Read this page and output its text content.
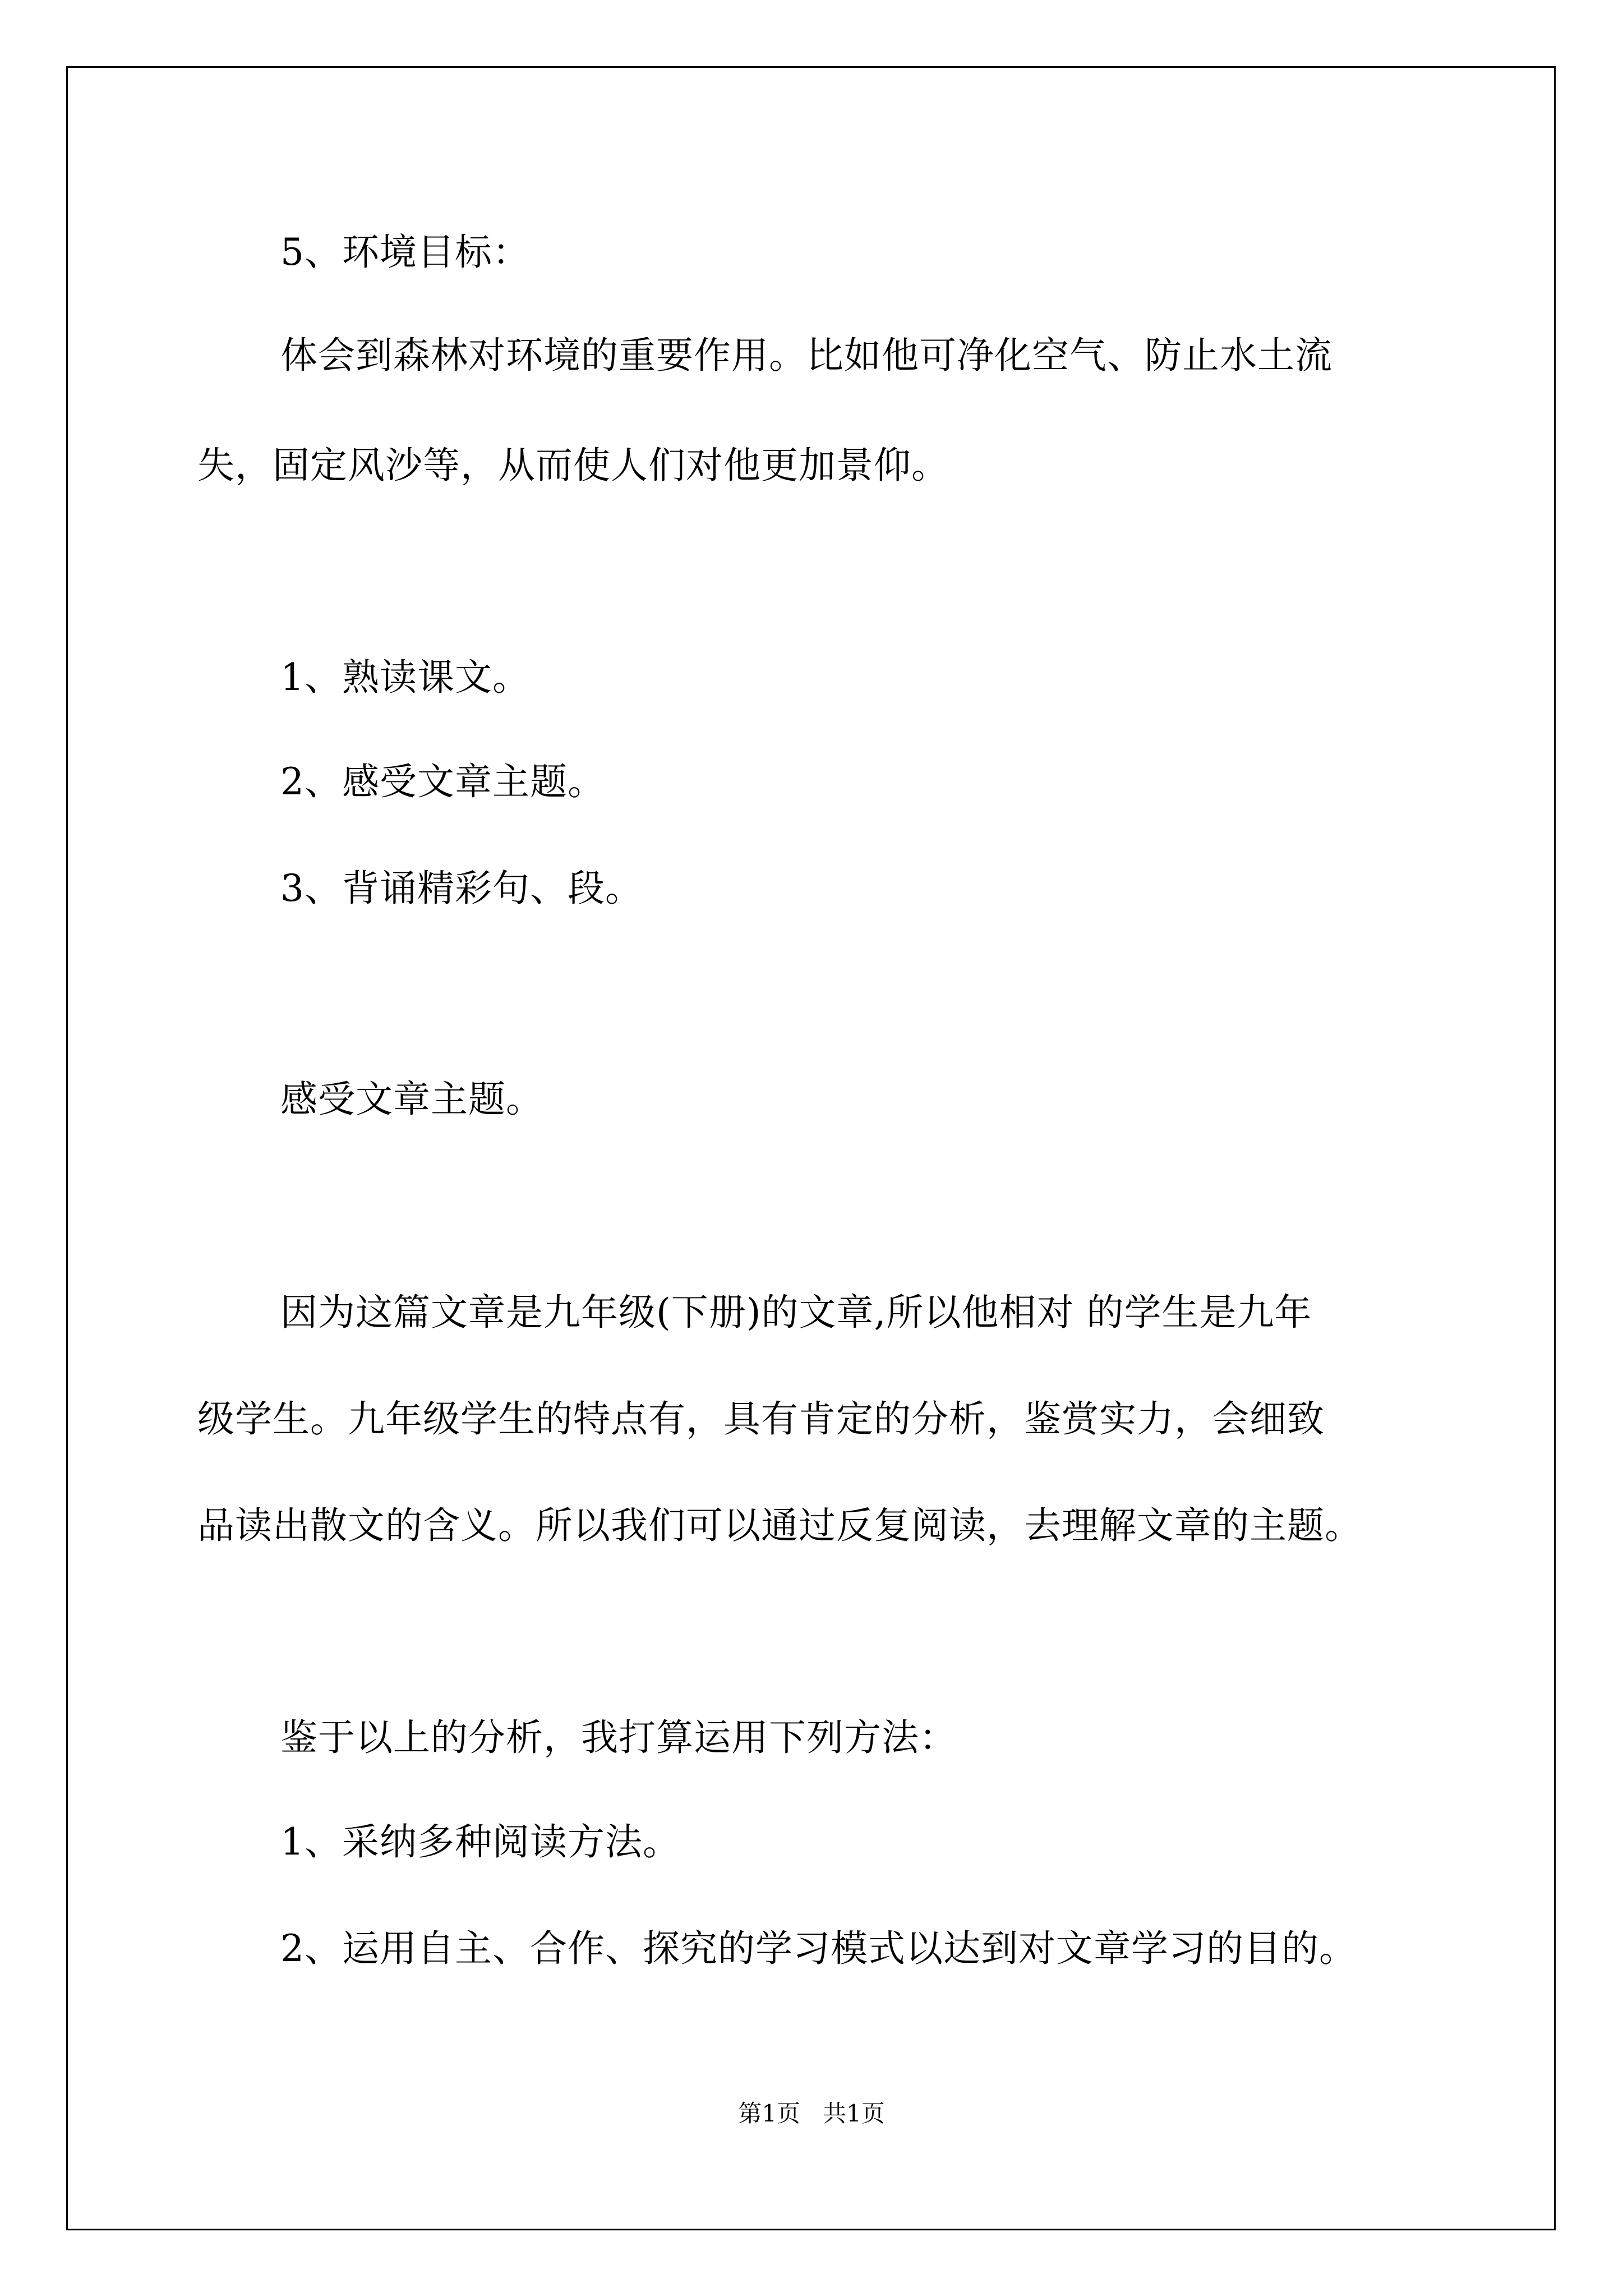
5、环境目标：
体会到森林对环境的重要作用。比如他可净化空气、防止水土流
失，固定风沙等，从而使人们对他更加景仰。
1、熟读课文。
2、感受文章主题。
3、背诵精彩句、段。
感受文章主题。
因为这篇文章是九年级(下册)的文章,所以他相对 的学生是九年
级学生。九年级学生的特点有，具有肯定的分析，鉴赏实力，会细致
品读出散文的含义。所以我们可以通过反复阅读，去理解文章的主题。
鉴于以上的分析，我打算运用下列方法：
1、采纳多种阅读方法。
2、运用自主、合作、探究的学习模式以达到对文章学习的目的。
第1页   共1页
